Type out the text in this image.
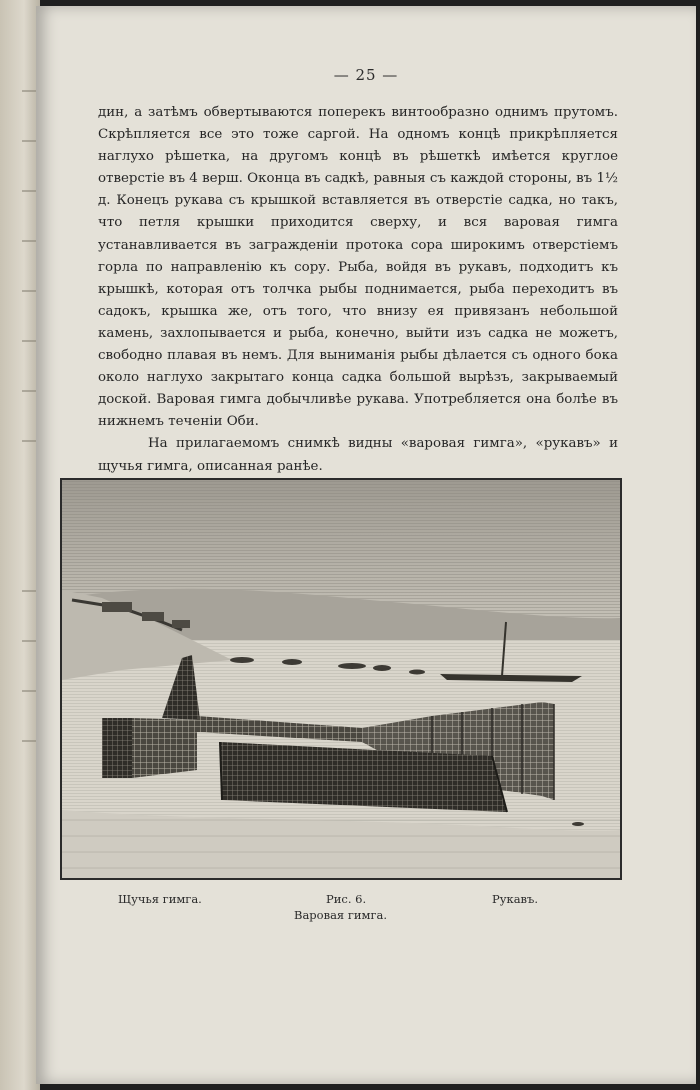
— 25 —

дин, а затѣмъ обвертываются поперекъ винтообразно однимъ прутомъ. Скрѣпляется все это тоже саргой. На одномъ концѣ прикрѣпляется наглухо рѣшетка, на другомъ концѣ въ рѣшеткѣ имѣется круглое отверстіе въ 4 верш. Оконца въ садкѣ, равныя съ каждой стороны, въ 1½ д. Конецъ рукава съ крышкой вставляется въ отверстіе садка, но такъ, что петля крышки приходится сверху, и вся варовая гимга устанавливается въ загражденіи протока сора широкимъ отверстіемъ горла по направленію къ сору. Рыба, войдя въ рукавъ, подходитъ къ крышкѣ, которая отъ толчка рыбы поднимается, рыба переходитъ въ садокъ, крышка же, отъ того, что внизу ея привязанъ небольшой камень, захлопывается и рыба, конечно, выйти изъ садка не можетъ, свободно плавая въ немъ. Для выниманія рыбы дѣлается съ одного бока около наглухо закрытаго конца садка большой вырѣзъ, закрываемый доской. Варовая гимга добычливѣе рукава. Употребляется она болѣе въ нижнемъ теченіи Оби.

На прилагаемомъ снимкѣ видны «варовая гимга», «рукавъ» и щучья гимга, описанная ранѣе.

Щучья гимга.	Рис. 6.	Рукавъ.
Варовая гимга.
